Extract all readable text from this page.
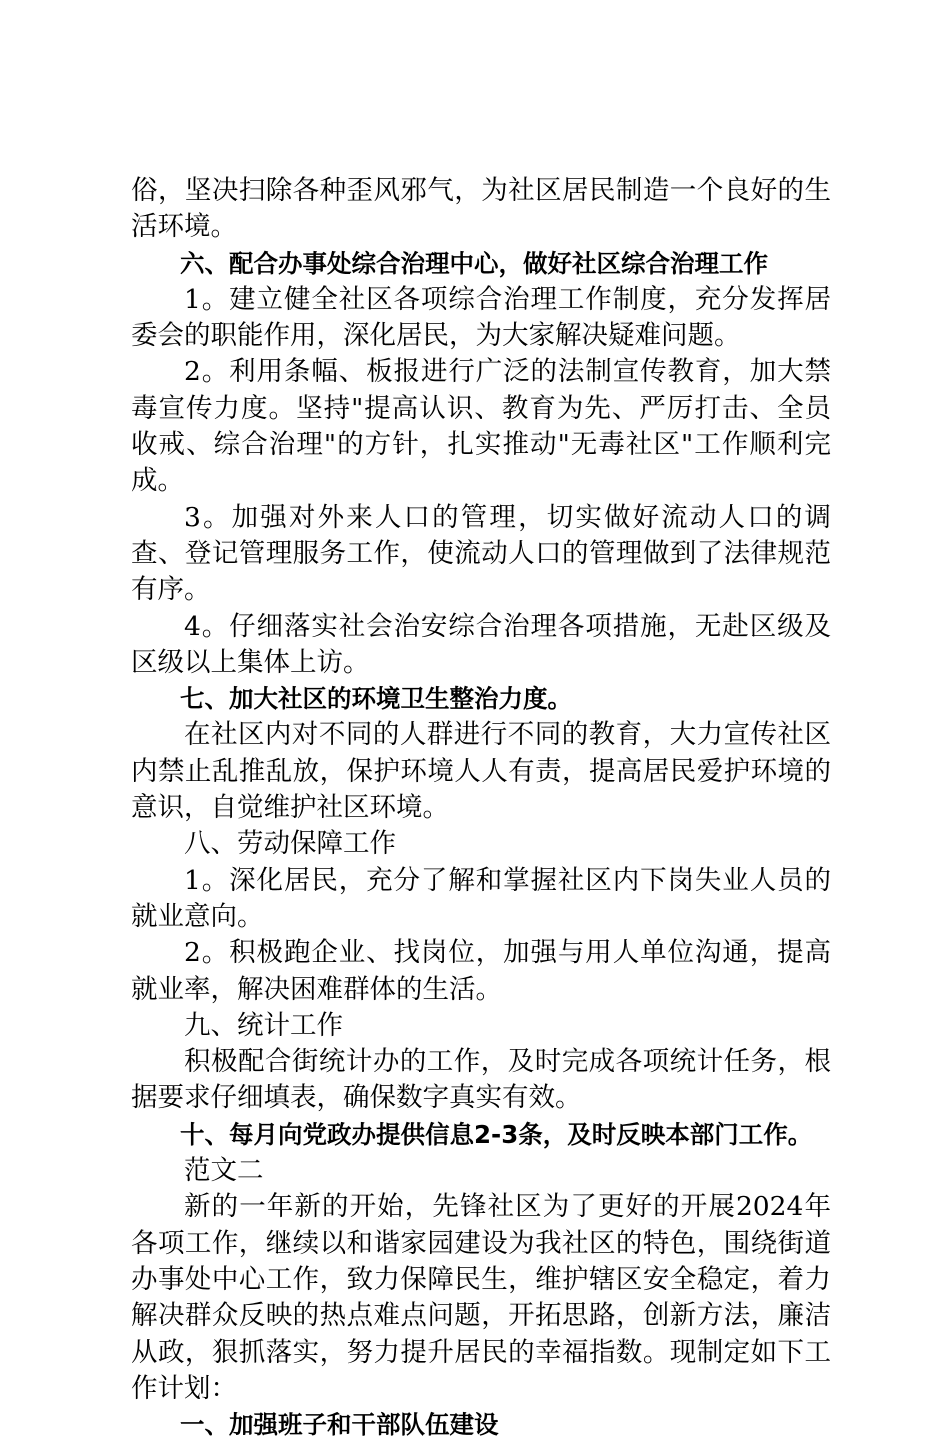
俗，坚决扫除各种歪风邪气，为社区居民制造一个良好的生活环境。

六、配合办事处综合治理中心，做好社区综合治理工作

1。建立健全社区各项综合治理工作制度，充分发挥居委会的职能作用，深化居民，为大家解决疑难问题。

2。利用条幅、板报进行广泛的法制宣传教育，加大禁毒宣传力度。坚持"提高认识、教育为先、严厉打击、全员收戒、综合治理"的方针，扎实推动"无毒社区"工作顺利完成。

3。加强对外来人口的管理，切实做好流动人口的调查、登记管理服务工作，使流动人口的管理做到了法律规范有序。

4。仔细落实社会治安综合治理各项措施，无赴区级及区级以上集体上访。

七、加大社区的环境卫生整治力度。

在社区内对不同的人群进行不同的教育，大力宣传社区内禁止乱推乱放，保护环境人人有责，提高居民爱护环境的意识，自觉维护社区环境。

八、劳动保障工作

1。深化居民，充分了解和掌握社区内下岗失业人员的就业意向。

2。积极跑企业、找岗位，加强与用人单位沟通，提高就业率，解决困难群体的生活。

九、统计工作

积极配合街统计办的工作，及时完成各项统计任务，根据要求仔细填表，确保数字真实有效。

十、每月向党政办提供信息2-3条，及时反映本部门工作。

范文二

新的一年新的开始，先锋社区为了更好的开展2024年各项工作，继续以和谐家园建设为我社区的特色，围绕街道办事处中心工作，致力保障民生，维护辖区安全稳定，着力解决群众反映的热点难点问题，开拓思路，创新方法，廉洁从政，狠抓落实，努力提升居民的幸福指数。现制定如下工作计划：

一、加强班子和干部队伍建设
